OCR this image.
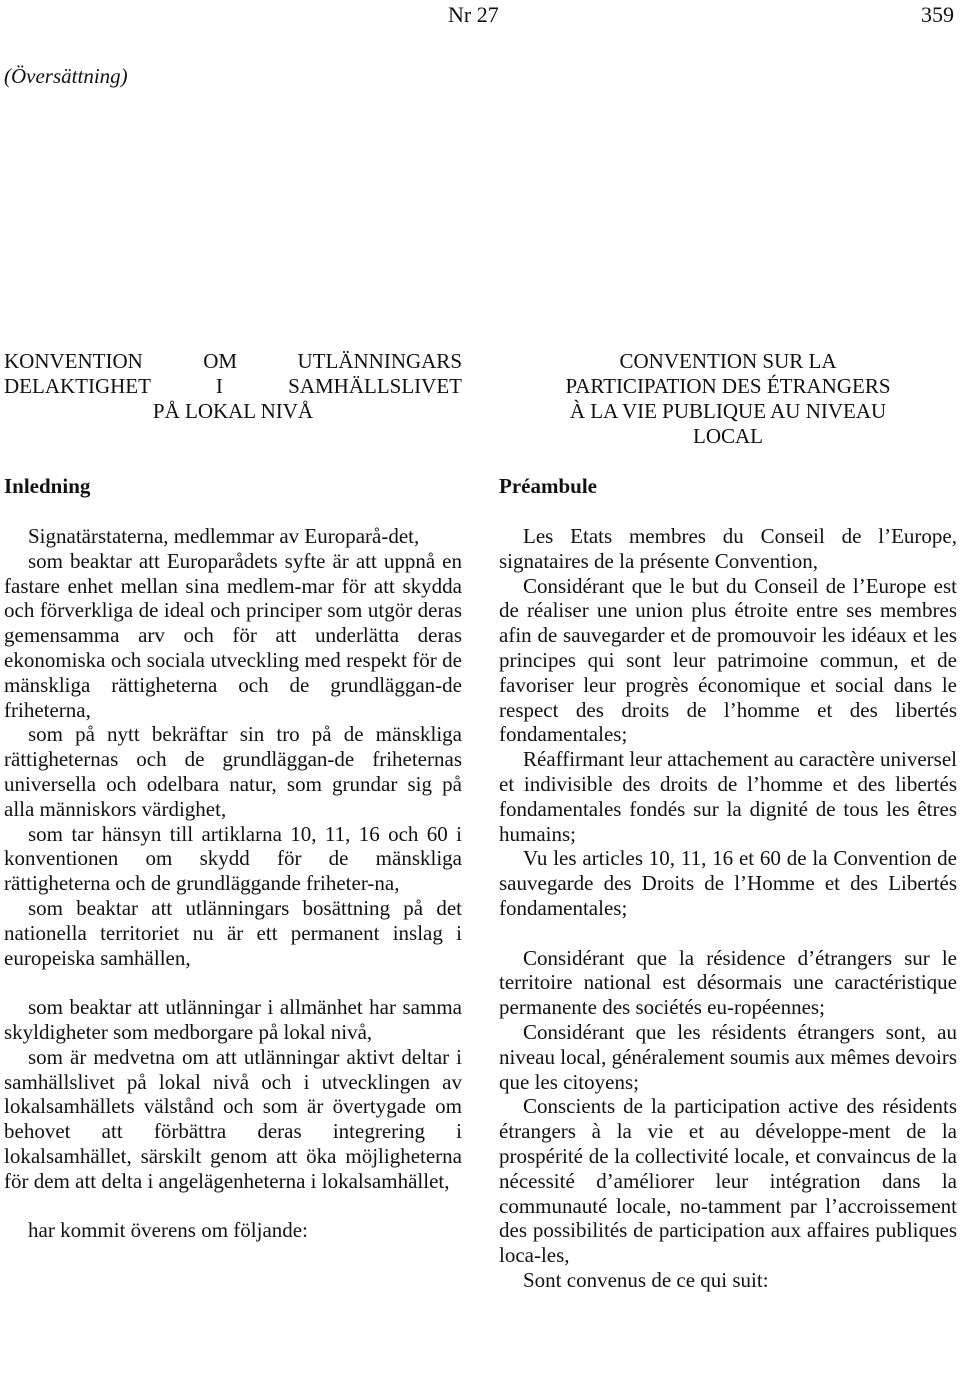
Nr 27	359
(Översättning)
KONVENTION OM UTLÄNNINGARS
DELAKTIGHET I SAMHÄLLSLIVET
PÅ LOKAL NIVÅ
Inledning

Signatärstaterna, medlemmar av Europarå-det,

som beaktar att Europarådets syfte är att uppnå en fastare enhet mellan sina medlem-mar för att skydda och förverkliga de ideal och principer som utgör deras gemensamma arv och för att underlätta deras ekonomiska och sociala utveckling med respekt för de mänskliga rättigheterna och de grundläggan-de friheterna,

som på nytt bekräftar sin tro på de mänskliga rättigheternas och de grundläggan-de friheternas universella och odelbara natur, som grundar sig på alla människors värdighet,

som tar hänsyn till artiklarna 10, 11, 16 och 60 i konventionen om skydd för de mänskliga rättigheterna och de grundläggande friheter-na,

som beaktar att utlänningars bosättning på det nationella territoriet nu är ett permanent inslag i europeiska samhällen,

som beaktar att utlänningar i allmänhet har samma skyldigheter som medborgare på lokal nivå,

som är medvetna om att utlänningar aktivt deltar i samhällslivet på lokal nivå och i utvecklingen av lokalsamhällets välstånd och som är övertygade om behovet att förbättra deras integrering i lokalsamhället, särskilt genom att öka möjligheterna för dem att delta i angelägenheterna i lokalsamhället,

har kommit överens om följande:

CONVENTION SUR LA
PARTICIPATION DES ÉTRANGERS
À LA VIE PUBLIQUE AU NIVEAU
LOCAL
Préambule

Les Etats membres du Conseil de l’Europe, signataires de la présente Convention,

Considérant que le but du Conseil de l’Europe est de réaliser une union plus étroite entre ses membres afin de sauvegarder et de promouvoir les idéaux et les principes qui sont leur patrimoine commun, et de favoriser leur progrès économique et social dans le respect des droits de l’homme et des libertés fondamentales;

Réaffirmant leur attachement au caractère universel et indivisible des droits de l’homme et des libertés fondamentales fondés sur la dignité de tous les êtres humains;

Vu les articles 10, 11, 16 et 60 de la Convention de sauvegarde des Droits de l’Homme et des Libertés fondamentales;

Considérant que la résidence d’étrangers sur le territoire national est désormais une caractéristique permanente des sociétés eu-ropéennes;

Considérant que les résidents étrangers sont, au niveau local, généralement soumis aux mêmes devoirs que les citoyens;

Conscients de la participation active des résidents étrangers à la vie et au développe-ment de la prospérité de la collectivité locale, et convaincus de la nécessité d’améliorer leur intégration dans la communauté locale, no-tamment par l’accroissement des possibilités de participation aux affaires publiques loca-les,

Sont convenus de ce qui suit:
